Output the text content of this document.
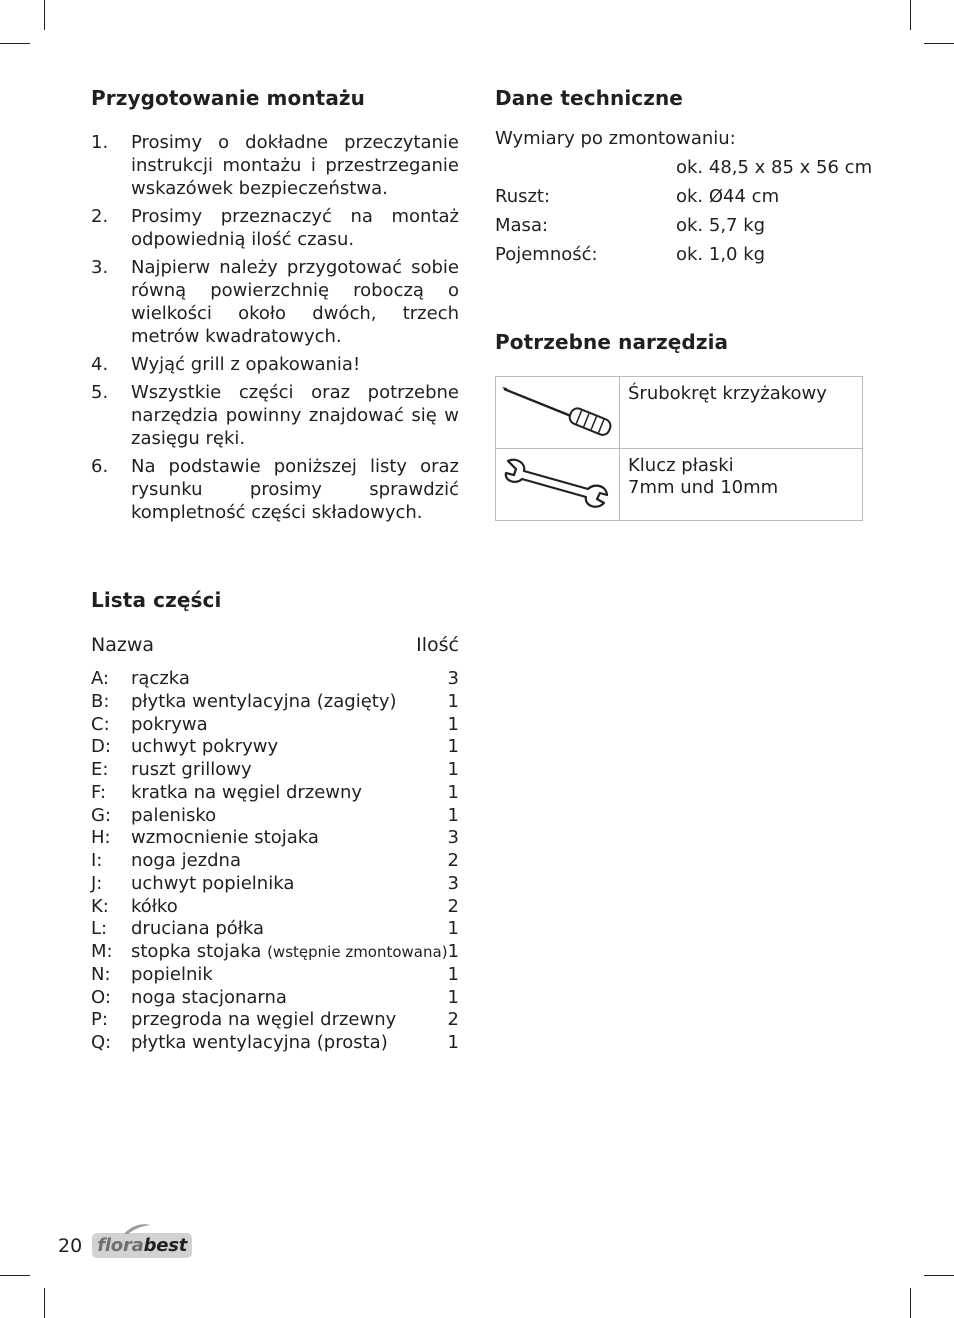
Przygotowanie montażu
1.	Prosimy o dokładne przeczytanie instrukcji montażu i przestrzeganie wskazówek bezpieczeństwa.
2.	Prosimy przeznaczyć na montaż odpowiednią ilość czasu.
3.	Najpierw należy przygotować sobie równą powierzchnię roboczą o wielkości około dwóch, trzech metrów kwadratowych.
4.	Wyjąć grill z opakowania!
5.	Wszystkie części oraz potrzebne narzędzia powinny znajdować się w zasięgu ręki.
6.	Na podstawie poniższej listy oraz rysunku prosimy sprawdzić kompletność części składowych.
Lista części
Nazwa	Ilość
A:	rączka	3
B:	płytka wentylacyjna (zagięty)	1
C:	pokrywa	1
D:	uchwyt pokrywy	1
E:	ruszt grillowy	1
F:	kratka na węgiel drzewny	1
G:	palenisko	1
H:	wzmocnienie stojaka	3
I:	noga jezdna	2
J:	uchwyt popielnika	3
K:	kółko	2
L:	druciana półka	1
M:	stopka stojaka (wstępnie zmontowana) 1
N:	popielnik	1
O:	noga stacjonarna	1
P:	przegroda na węgiel drzewny	2
Q:	płytka wentylacyjna (prosta)	1
Dane techniczne
Wymiary po zmontowaniu:
ok. 48,5 x 85 x 56 cm
Ruszt:	ok. Ø44 cm
Masa:	ok. 5,7 kg
Pojemność:	ok. 1,0 kg
Potrzebne narzędzia

Śrubokręt krzyżakowy

Klucz płaski
7mm und 10mm
20 florabest
